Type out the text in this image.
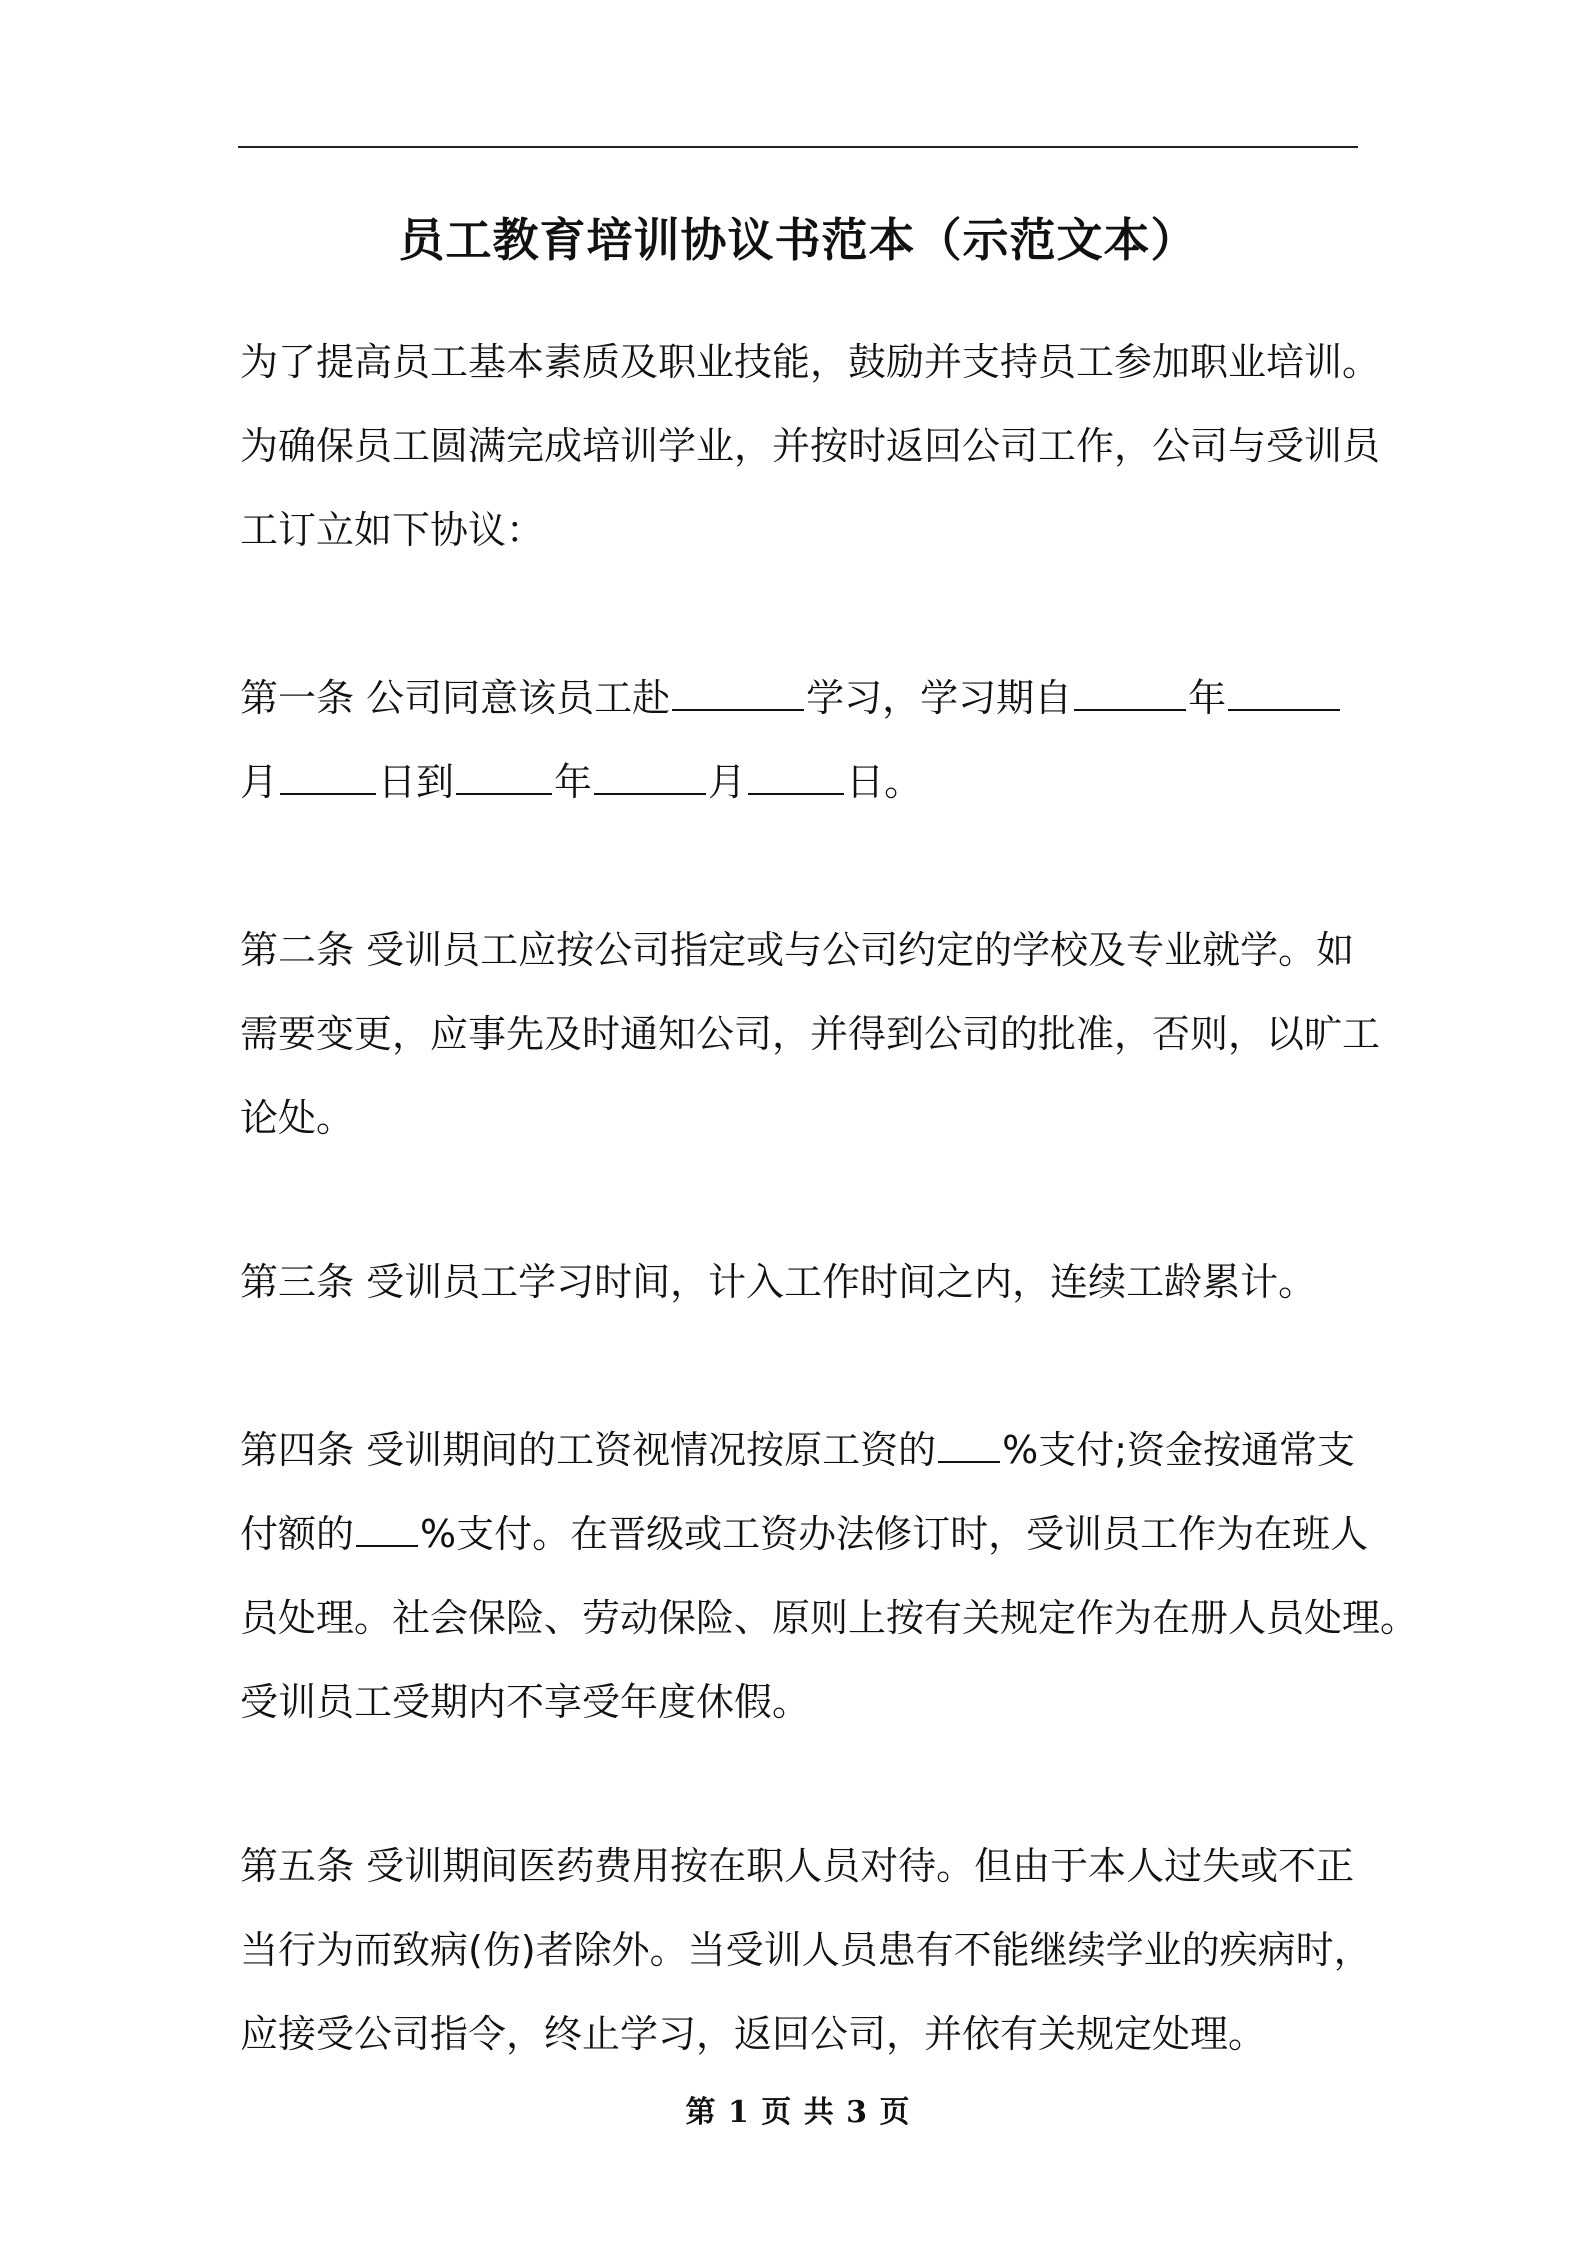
员工教育培训协议书范本（示范文本）
为了提高员工基本素质及职业技能，鼓励并支持员工参加职业培训。
为确保员工圆满完成培训学业，并按时返回公司工作，公司与受训员
工订立如下协议：
第一条 公司同意该员工赴	学习，学习期自	年
月	日到	年	月	日。
第二条 受训员工应按公司指定或与公司约定的学校及专业就学。如
需要变更，应事先及时通知公司，并得到公司的批准，否则，以旷工
论处。
第三条 受训员工学习时间，计入工作时间之内，连续工龄累计。
第四条 受训期间的工资视情况按原工资的 %支付;资金按通常支
付额的 %支付。在晋级或工资办法修订时，受训员工作为在班人
员处理。社会保险、劳动保险、原则上按有关规定作为在册人员处理。
受训员工受期内不享受年度休假。
第五条 受训期间医药费用按在职人员对待。但由于本人过失或不正
当行为而致病(伤)者除外。当受训人员患有不能继续学业的疾病时，
应接受公司指令，终止学习，返回公司，并依有关规定处理。
第 1 页 共 3 页
